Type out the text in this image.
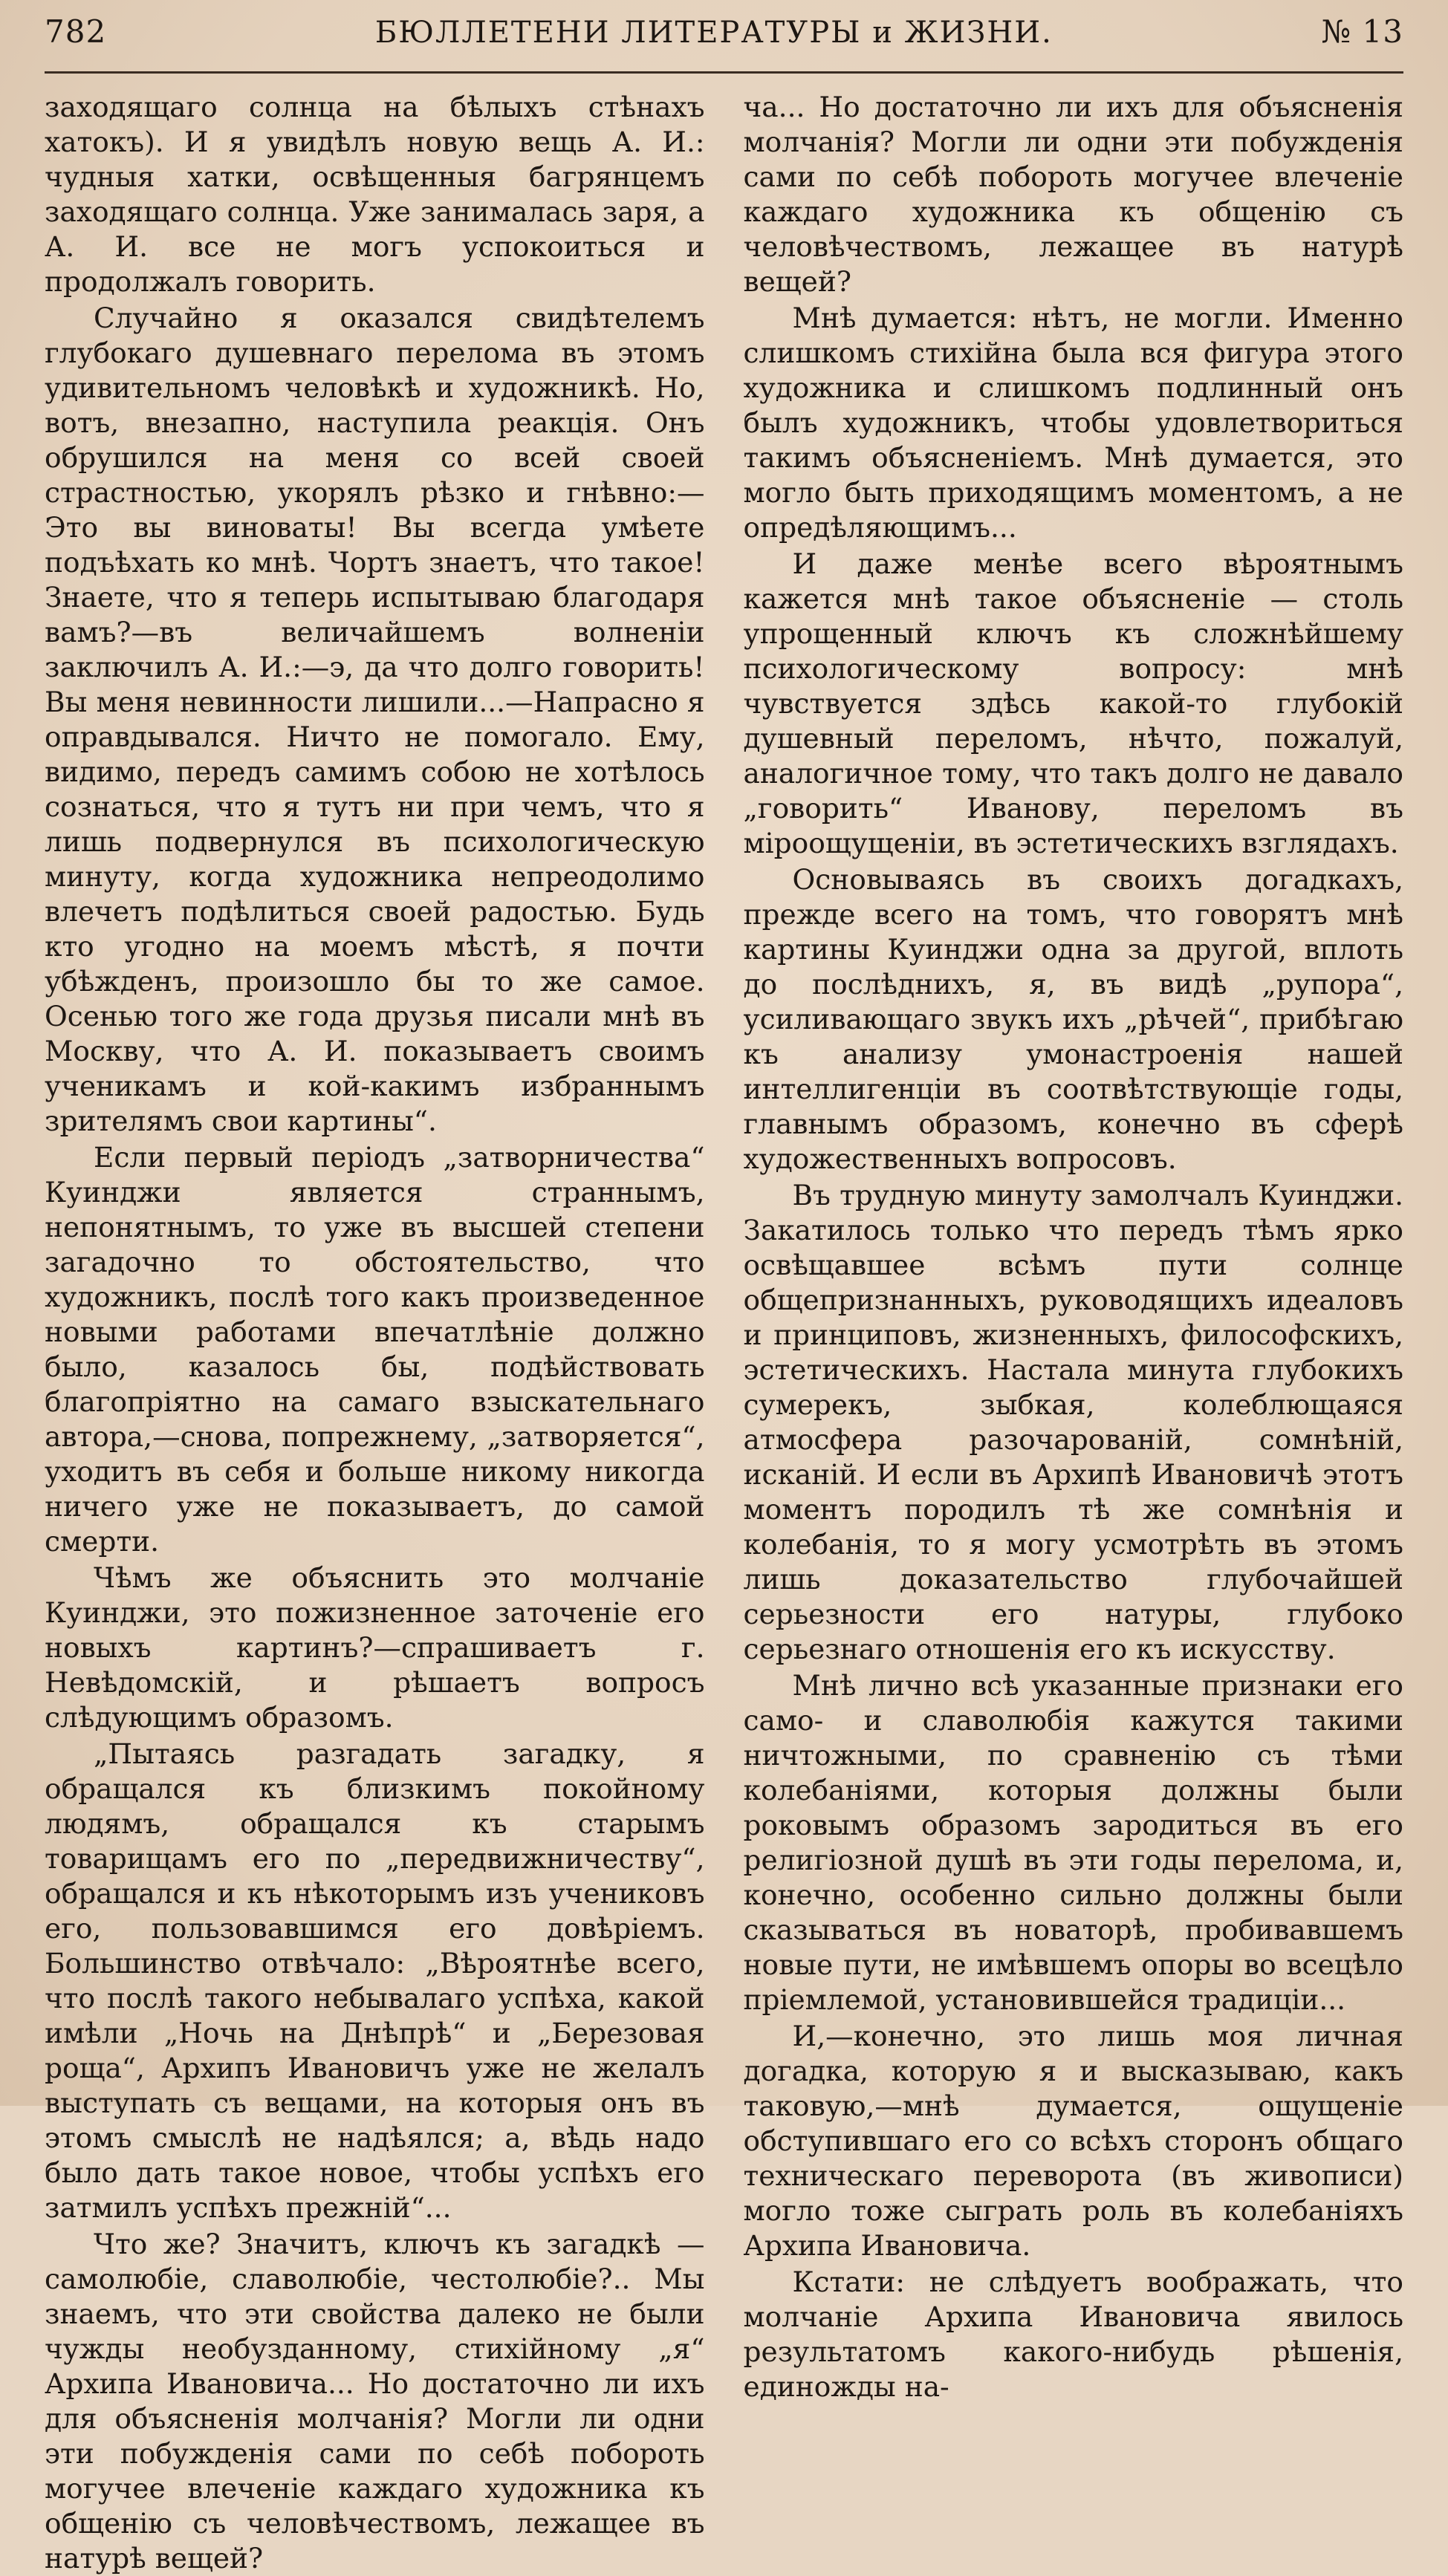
782	БЮЛЛЕТЕНИ ЛИТЕРАТУРЫ и ЖИЗНИ.	№ 13

заходящаго солнца на бѣлыхъ стѣнахъ хатокъ). И я увидѣлъ новую вещь А. И.: чудныя хатки, освѣщенныя багрянцемъ заходящаго солнца. Уже занималась заря, а А. И. все не могъ успокоиться и продолжалъ говорить.

Случайно я оказался свидѣтелемъ глубокаго душевнаго перелома въ этомъ удивительномъ человѣкѣ и художникѣ. Но, вотъ, внезапно, наступила реакція. Онъ обрушился на меня со всей своей страстностью, укорялъ рѣзко и гнѣвно:—Это вы виноваты! Вы всегда умѣете подъѣхать ко мнѣ. Чортъ знаетъ, что такое! Знаете, что я теперь испытываю благодаря вамъ?—въ величайшемъ волненіи заключилъ А. И.:—э, да что долго говорить! Вы меня невинности лишили...—Напрасно я оправдывался. Ничто не помогало. Ему, видимо, передъ самимъ собою не хотѣлось сознаться, что я тутъ ни при чемъ, что я лишь подвернулся въ психологическую минуту, когда художника непреодолимо влечетъ подѣлиться своей радостью. Будь кто угодно на моемъ мѣстѣ, я почти убѣжденъ, произошло бы то же самое. Осенью того же года друзья писали мнѣ въ Москву, что А. И. показываетъ своимъ ученикамъ и кой-какимъ избраннымъ зрителямъ свои картины“.

Если первый періодъ „затворничества“ Куинджи является страннымъ, непонятнымъ, то уже въ высшей степени загадочно то обстоятельство, что художникъ, послѣ того какъ произведенное новыми работами впечатлѣніе должно было, казалось бы, подѣйствовать благопріятно на самаго взыскательнаго автора,—снова, попрежнему, „затворяется“, уходитъ въ себя и больше никому никогда ничего уже не показываетъ, до самой смерти.

Чѣмъ же объяснить это молчаніе Куинджи, это пожизненное заточеніе его новыхъ картинъ?—спрашиваетъ г. Невѣдомскій, и рѣшаетъ вопросъ слѣдующимъ образомъ.

„Пытаясь разгадать загадку, я обращался къ близкимъ покойному людямъ, обращался къ старымъ товарищамъ его по „передвижничеству“, обращался и къ нѣкоторымъ изъ учениковъ его, пользовавшимся его довѣріемъ. Большинство отвѣчало: „Вѣроятнѣе всего, что послѣ такого небывалаго успѣха, какой имѣли „Ночь на Днѣпрѣ“ и „Березовая роща“, Архипъ Ивановичъ уже не желалъ выступать съ вещами, на которыя онъ въ этомъ смыслѣ не надѣялся; а, вѣдь надо было дать такое новое, чтобы успѣхъ его затмилъ успѣхъ прежній“...

Что же? Значитъ, ключъ къ загадкѣ — самолюбіе, славолюбіе, честолюбіе?.. Мы знаемъ, что эти свойства далеко не были чужды необузданному, стихійному „я“ Архипа Ивановича... Но достаточно ли ихъ для объясненія молчанія? Могли ли одни эти побужденія сами по себѣ побороть могучее влеченіе каждаго художника къ общенію съ человѣчествомъ, лежащее въ натурѣ вещей?

ча... Но достаточно ли ихъ для объясненія молчанія? Могли ли одни эти побужденія сами по себѣ побороть могучее влеченіе каждаго художника къ общенію съ человѣчествомъ, лежащее въ натурѣ вещей?

Мнѣ думается: нѣтъ, не могли. Именно слишкомъ стихійна была вся фигура этого художника и слишкомъ подлинный онъ былъ художникъ, чтобы удовлетвориться такимъ объясненіемъ. Мнѣ думается, это могло быть приходящимъ моментомъ, а не опредѣляющимъ...

И даже менѣе всего вѣроятнымъ кажется мнѣ такое объясненіе — столь упрощенный ключъ къ сложнѣйшему психологическому вопросу: мнѣ чувствуется здѣсь какой-то глубокій душевный переломъ, нѣчто, пожалуй, аналогичное тому, что такъ долго не давало „говорить“ Иванову, переломъ въ міроощущеніи, въ эстетическихъ взглядахъ.

Основываясь въ своихъ догадкахъ, прежде всего на томъ, что говорятъ мнѣ картины Куинджи одна за другой, вплоть до послѣднихъ, я, въ видѣ „рупора“, усиливающаго звукъ ихъ „рѣчей“, прибѣгаю къ анализу умонастроенія нашей интеллигенціи въ соотвѣтствующіе годы, главнымъ образомъ, конечно въ сферѣ художественныхъ вопросовъ.

Въ трудную минуту замолчалъ Куинджи. Закатилось только что передъ тѣмъ ярко освѣщавшее всѣмъ пути солнце общепризнанныхъ, руководящихъ идеаловъ и принциповъ, жизненныхъ, философскихъ, эстетическихъ. Настала минута глубокихъ сумерекъ, зыбкая, колеблющаяся атмосфера разочарованій, сомнѣній, исканій. И если въ Архипѣ Ивановичѣ этотъ моментъ породилъ тѣ же сомнѣнія и колебанія, то я могу усмотрѣть въ этомъ лишь доказательство глубочайшей серьезности его натуры, глубоко серьезнаго отношенія его къ искусству.

Мнѣ лично всѣ указанные признаки его само- и славолюбія кажутся такими ничтожными, по сравненію съ тѣми колебаніями, которыя должны были роковымъ образомъ зародиться въ его религіозной душѣ въ эти годы перелома, и, конечно, особенно сильно должны были сказываться въ новаторѣ, пробивавшемъ новые пути, не имѣвшемъ опоры во всецѣло пріемлемой, установившейся традиціи...

И,—конечно, это лишь моя личная догадка, которую я и высказываю, какъ таковую,—мнѣ думается, ощущеніе обступившаго его со всѣхъ сторонъ общаго техническаго переворота (въ живописи) могло тоже сыграть роль въ колебаніяхъ Архипа Ивановича.

Кстати: не слѣдуетъ воображать, что молчаніе Архипа Ивановича явилось результатомъ какого-нибудь рѣшенія, единожды на-
